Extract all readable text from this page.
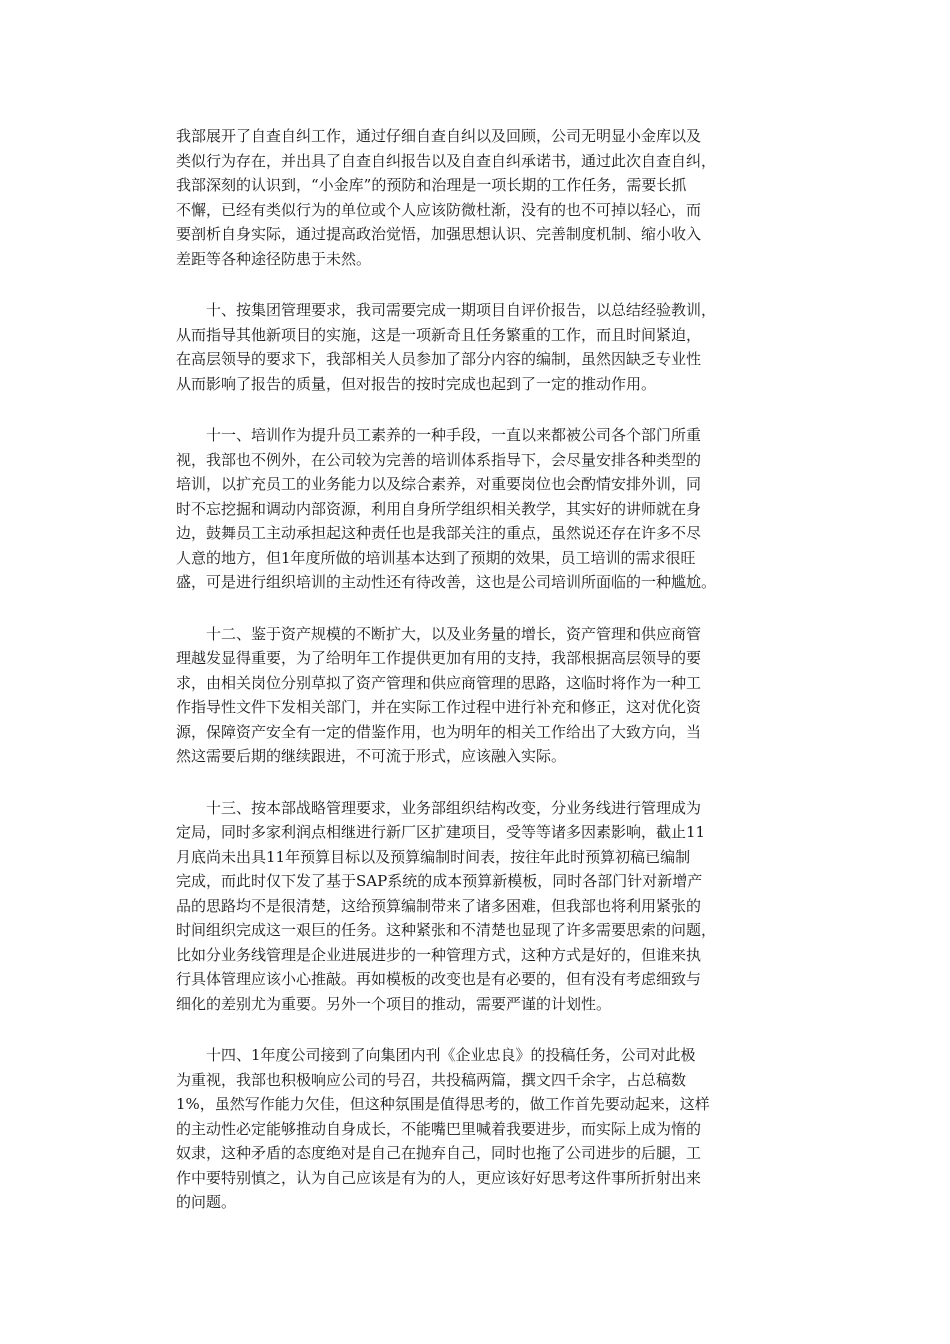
我部展开了自查自纠工作，通过仔细自查自纠以及回顾，公司无明显小金库以及
类似行为存在，并出具了自查自纠报告以及自查自纠承诺书，通过此次自查自纠，
我部深刻的认识到，“小金库”的预防和治理是一项长期的工作任务，需要长抓
不懈，已经有类似行为的单位或个人应该防微杜渐，没有的也不可掉以轻心，而
要剖析自身实际，通过提高政治觉悟，加强思想认识、完善制度机制、缩小收入
差距等各种途径防患于未然。

　　十、按集团管理要求，我司需要完成一期项目自评价报告，以总结经验教训，
从而指导其他新项目的实施，这是一项新奇且任务繁重的工作，而且时间紧迫，
在高层领导的要求下，我部相关人员参加了部分内容的编制，虽然因缺乏专业性
从而影响了报告的质量，但对报告的按时完成也起到了一定的推动作用。

　　十一、培训作为提升员工素养的一种手段，一直以来都被公司各个部门所重
视，我部也不例外，在公司较为完善的培训体系指导下，会尽量安排各种类型的
培训，以扩充员工的业务能力以及综合素养，对重要岗位也会酌情安排外训，同
时不忘挖掘和调动内部资源，利用自身所学组织相关教学，其实好的讲师就在身
边，鼓舞员工主动承担起这种责任也是我部关注的重点，虽然说还存在许多不尽
人意的地方，但1年度所做的培训基本达到了预期的效果，员工培训的需求很旺
盛，可是进行组织培训的主动性还有待改善，这也是公司培训所面临的一种尴尬。

　　十二、鉴于资产规模的不断扩大，以及业务量的增长，资产管理和供应商管
理越发显得重要，为了给明年工作提供更加有用的支持，我部根据高层领导的要
求，由相关岗位分别草拟了资产管理和供应商管理的思路，这临时将作为一种工
作指导性文件下发相关部门，并在实际工作过程中进行补充和修正，这对优化资
源，保障资产安全有一定的借鉴作用，也为明年的相关工作给出了大致方向，当
然这需要后期的继续跟进，不可流于形式，应该融入实际。

　　十三、按本部战略管理要求，业务部组织结构改变，分业务线进行管理成为
定局，同时多家利润点相继进行新厂区扩建项目，受等等诸多因素影响，截止11
月底尚未出具11年预算目标以及预算编制时间表，按往年此时预算初稿已编制
完成，而此时仅下发了基于SAP系统的成本预算新模板，同时各部门针对新增产
品的思路均不是很清楚，这给预算编制带来了诸多困难，但我部也将利用紧张的
时间组织完成这一艰巨的任务。这种紧张和不清楚也显现了许多需要思索的问题，
比如分业务线管理是企业进展进步的一种管理方式，这种方式是好的，但谁来执
行具体管理应该小心推敲。再如模板的改变也是有必要的，但有没有考虑细致与
细化的差别尤为重要。另外一个项目的推动，需要严谨的计划性。

　　十四、1年度公司接到了向集团内刊《企业忠良》的投稿任务，公司对此极
为重视，我部也积极响应公司的号召，共投稿两篇，撰文四千余字，占总稿数
1%，虽然写作能力欠佳，但这种氛围是值得思考的，做工作首先要动起来，这样
的主动性必定能够推动自身成长，不能嘴巴里喊着我要进步，而实际上成为惰的
奴隶，这种矛盾的态度绝对是自己在抛弃自己，同时也拖了公司进步的后腿，工
作中要特别慎之，认为自己应该是有为的人，更应该好好思考这件事所折射出来
的问题。
